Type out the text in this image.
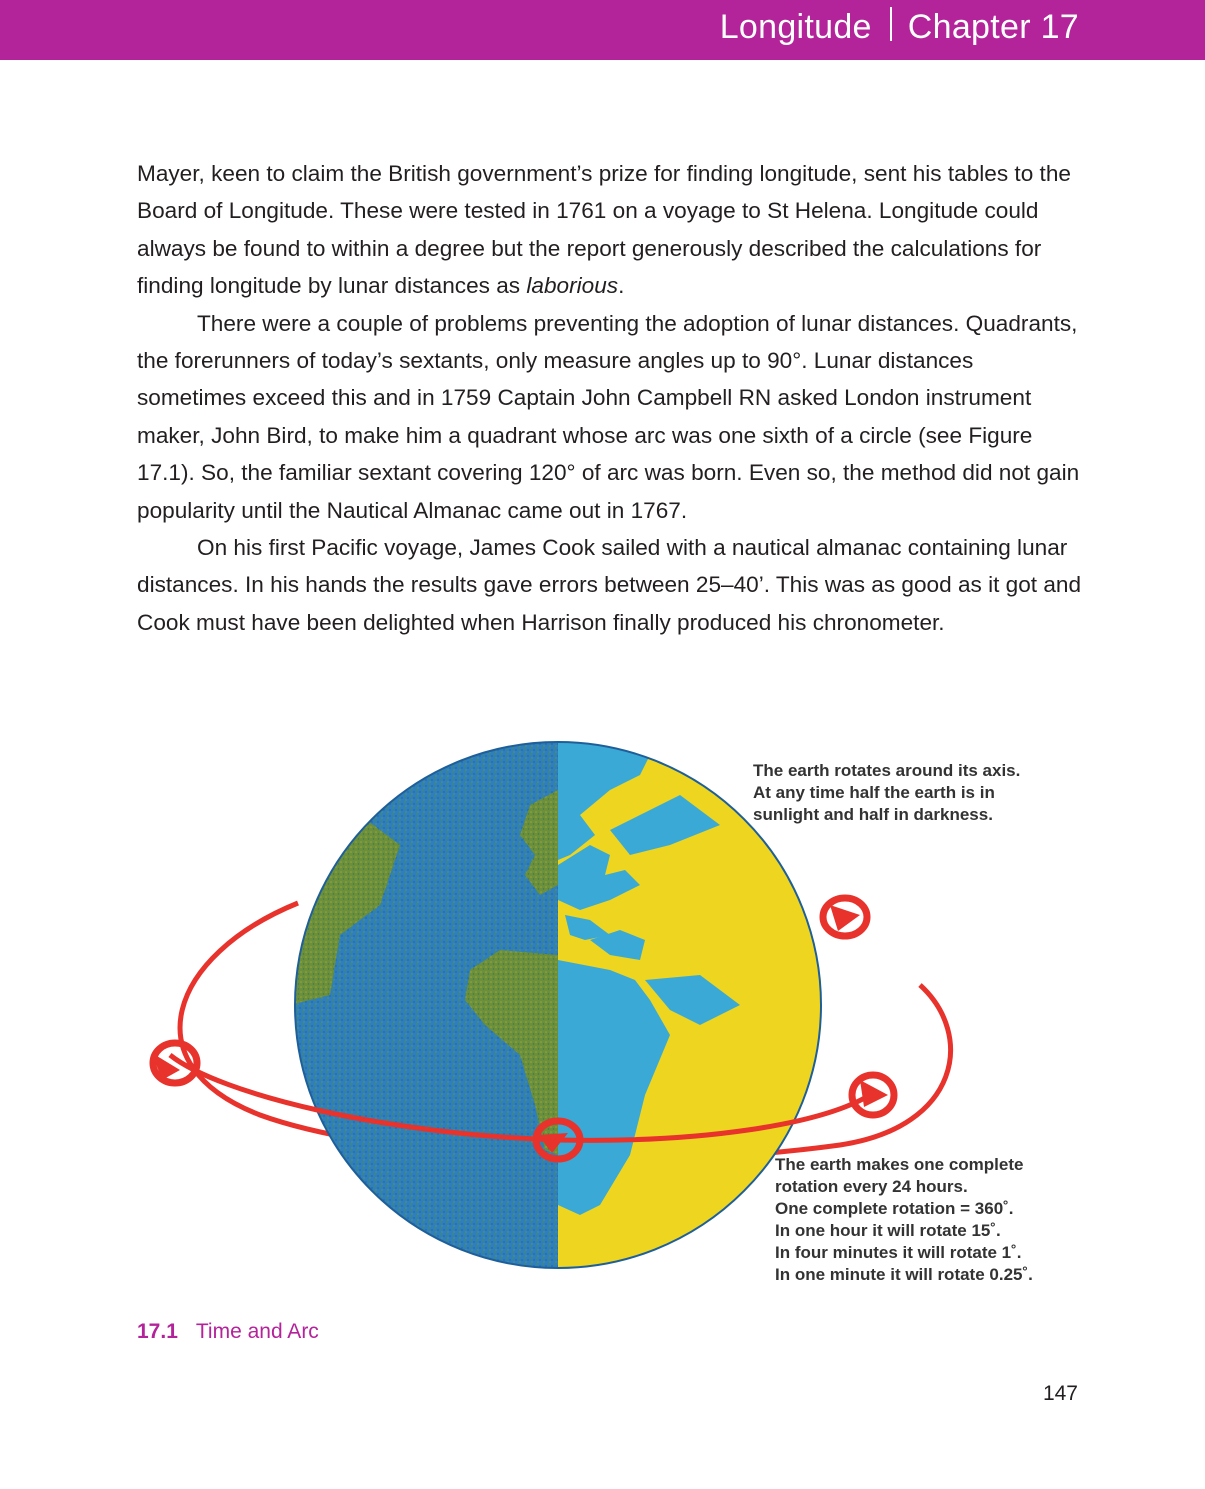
Longitude Chapter 17

Mayer, keen to claim the British government’s prize for finding longitude, sent his tables to the Board of Longitude. These were tested in 1761 on a voyage to St Helena. Longitude could always be found to within a degree but the report generously described the calculations for finding longitude by lunar distances as laborious.

There were a couple of problems preventing the adoption of lunar distances. Quadrants, the forerunners of today’s sextants, only measure angles up to 90°. Lunar distances sometimes exceed this and in 1759 Captain John Campbell RN asked London instrument maker, John Bird, to make him a quadrant whose arc was one sixth of a circle (see Figure 17.1). So, the familiar sextant covering 120° of arc was born. Even so, the method did not gain popularity until the Nautical Almanac came out in 1767.

On his first Pacific voyage, James Cook sailed with a nautical almanac containing lunar distances. In his hands the results gave errors between 25–40’. This was as good as it got and Cook must have been delighted when Harrison finally produced his chronometer.

The earth rotates around its axis.
At any time half the earth is in
sunlight and half in darkness.

The earth makes one complete
rotation every 24 hours.
One complete rotation = 360˚.
In one hour it will rotate 15˚.
In four minutes it will rotate 1˚.
In one minute it will rotate 0.25˚.

17.1 Time and Arc
147
